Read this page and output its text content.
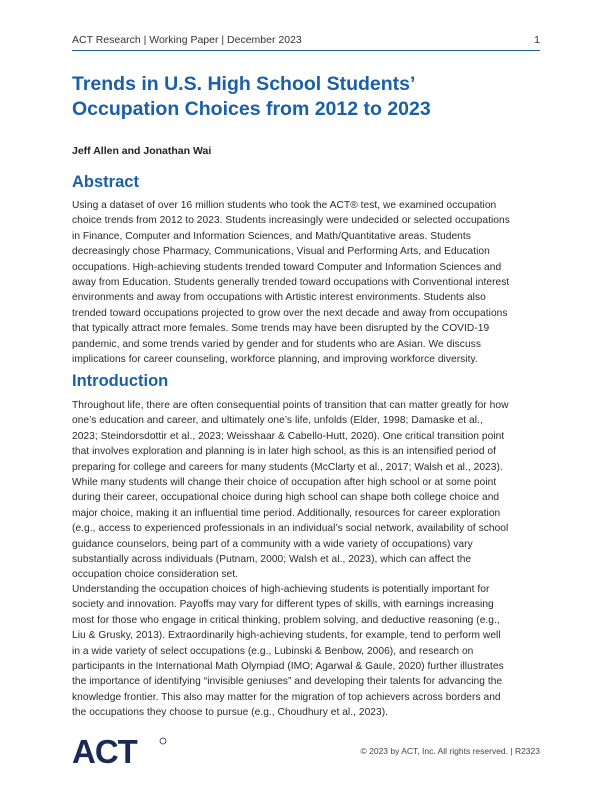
ACT Research | Working Paper | December 2023	1
Trends in U.S. High School Students’
Occupation Choices from 2012 to 2023
Jeff Allen and Jonathan Wai
Abstract

Using a dataset of over 16 million students who took the ACT® test, we examined occupation
choice trends from 2012 to 2023. Students increasingly were undecided or selected occupations
in Finance, Computer and Information Sciences, and Math/Quantitative areas. Students
decreasingly chose Pharmacy, Communications, Visual and Performing Arts, and Education
occupations. High-achieving students trended toward Computer and Information Sciences and
away from Education. Students generally trended toward occupations with Conventional interest
environments and away from occupations with Artistic interest environments. Students also
trended toward occupations projected to grow over the next decade and away from occupations
that typically attract more females. Some trends may have been disrupted by the COVID-19
pandemic, and some trends varied by gender and for students who are Asian. We discuss
implications for career counseling, workforce planning, and improving workforce diversity.

Introduction

Throughout life, there are often consequential points of transition that can matter greatly for how
one’s education and career, and ultimately one’s life, unfolds (Elder, 1998; Damaske et al.,
2023; Steindorsdottir et al., 2023; Weisshaar & Cabello-Hutt, 2020). One critical transition point
that involves exploration and planning is in later high school, as this is an intensified period of
preparing for college and careers for many students (McClarty et al., 2017; Walsh et al., 2023).
While many students will change their choice of occupation after high school or at some point
during their career, occupational choice during high school can shape both college choice and
major choice, making it an influential time period. Additionally, resources for career exploration
(e.g., access to experienced professionals in an individual’s social network, availability of school
guidance counselors, being part of a community with a wide variety of occupations) vary
substantially across individuals (Putnam, 2000; Walsh et al., 2023), which can affect the
occupation choice consideration set.

Understanding the occupation choices of high-achieving students is potentially important for
society and innovation. Payoffs may vary for different types of skills, with earnings increasing
most for those who engage in critical thinking, problem solving, and deductive reasoning (e.g.,
Liu & Grusky, 2013). Extraordinarily high-achieving students, for example, tend to perform well
in a wide variety of select occupations (e.g., Lubinski & Benbow, 2006), and research on
participants in the International Math Olympiad (IMO; Agarwal & Gaule, 2020) further illustrates
the importance of identifying “invisible geniuses” and developing their talents for advancing the
knowledge frontier. This also may matter for the migration of top achievers across borders and
the occupations they choose to pursue (e.g., Choudhury et al., 2023).

ACT	© 2023 by ACT, Inc. All rights reserved. | R2323
